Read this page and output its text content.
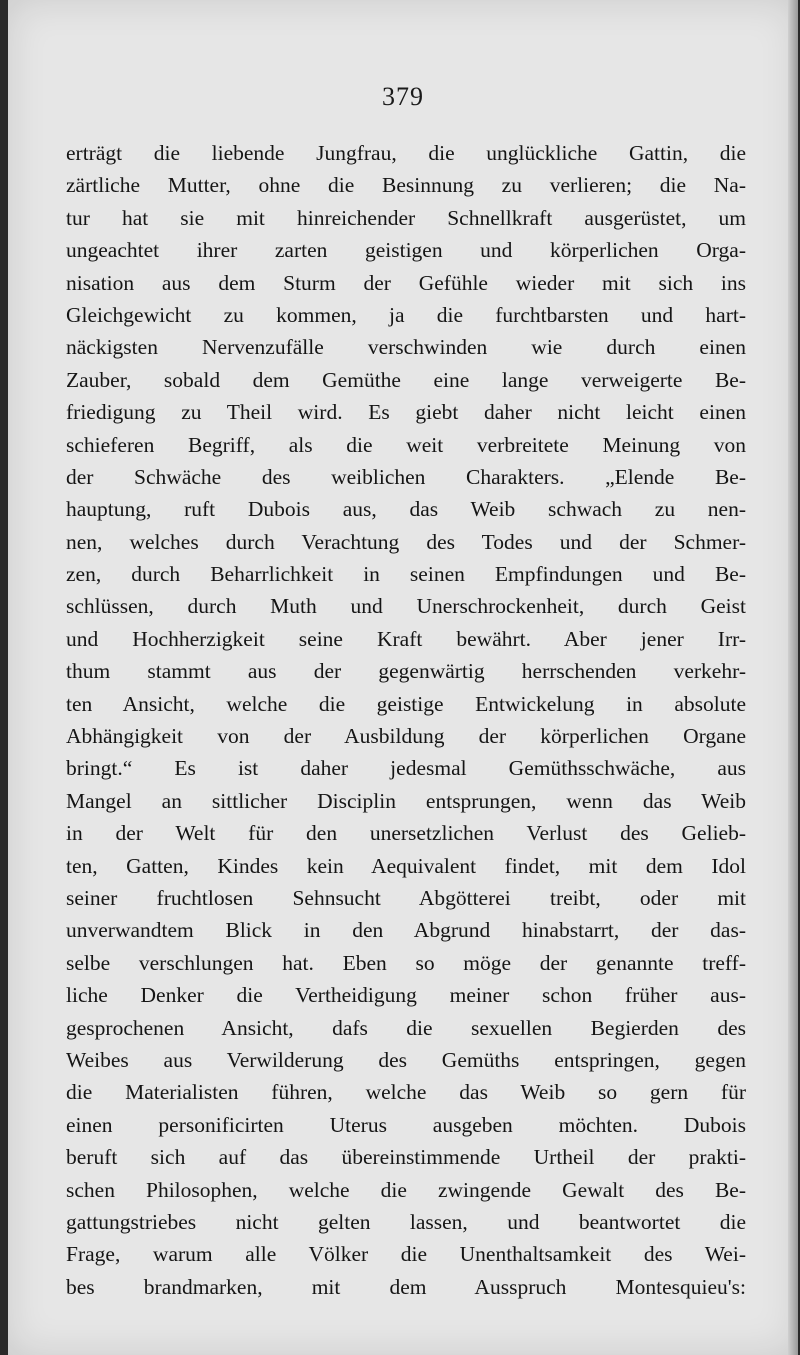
379
erträgt die liebende Jungfrau, die unglückliche Gattin, die
zärtliche Mutter, ohne die Besinnung zu verlieren; die Na-
tur hat sie mit hinreichender Schnellkraft ausgerüstet, um
ungeachtet ihrer zarten geistigen und körperlichen Orga-
nisation aus dem Sturm der Gefühle wieder mit sich ins
Gleichgewicht zu kommen, ja die furchtbarsten und hart-
näckigsten Nervenzufälle verschwinden wie durch einen
Zauber, sobald dem Gemüthe eine lange verweigerte Be-
friedigung zu Theil wird. Es giebt daher nicht leicht einen
schieferen Begriff, als die weit verbreitete Meinung von
der Schwäche des weiblichen Charakters. „Elende Be-
hauptung, ruft Dubois aus, das Weib schwach zu nen-
nen, welches durch Verachtung des Todes und der Schmer-
zen, durch Beharrlichkeit in seinen Empfindungen und Be-
schlüssen, durch Muth und Unerschrockenheit, durch Geist
und Hochherzigkeit seine Kraft bewährt. Aber jener Irr-
thum stammt aus der gegenwärtig herrschenden verkehr-
ten Ansicht, welche die geistige Entwickelung in absolute
Abhängigkeit von der Ausbildung der körperlichen Organe
bringt.“ Es ist daher jedesmal Gemüthsschwäche, aus
Mangel an sittlicher Disciplin entsprungen, wenn das Weib
in der Welt für den unersetzlichen Verlust des Gelieb-
ten, Gatten, Kindes kein Aequivalent findet, mit dem Idol
seiner fruchtlosen Sehnsucht Abgötterei treibt, oder mit
unverwandtem Blick in den Abgrund hinabstarrt, der das-
selbe verschlungen hat. Eben so möge der genannte treff-
liche Denker die Vertheidigung meiner schon früher aus-
gesprochenen Ansicht, dafs die sexuellen Begierden des
Weibes aus Verwilderung des Gemüths entspringen, gegen
die Materialisten führen, welche das Weib so gern für
einen personificirten Uterus ausgeben möchten. Dubois
beruft sich auf das übereinstimmende Urtheil der prakti-
schen Philosophen, welche die zwingende Gewalt des Be-
gattungstriebes nicht gelten lassen, und beantwortet die
Frage, warum alle Völker die Unenthaltsamkeit des Wei-
bes brandmarken, mit dem Ausspruch Montesquieu's:
